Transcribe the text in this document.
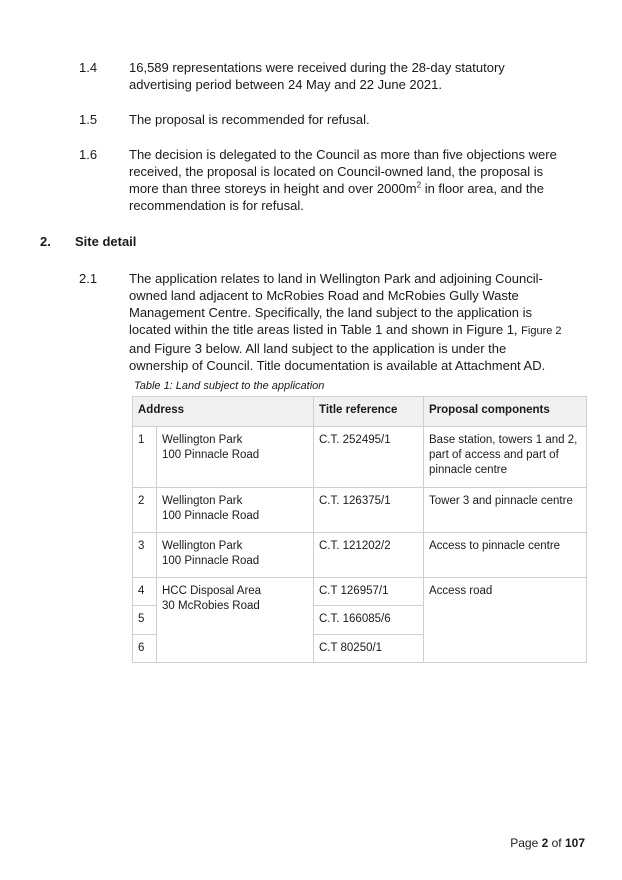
1.4 16,589 representations were received during the 28-day statutory advertising period between 24 May and 22 June 2021.
1.5 The proposal is recommended for refusal.
1.6 The decision is delegated to the Council as more than five objections were received, the proposal is located on Council-owned land, the proposal is more than three storeys in height and over $2000m^2$ in floor area, and the recommendation is for refusal.
2. Site detail
2.1 The application relates to land in Wellington Park and adjoining Council-owned land adjacent to McRobies Road and McRobies Gully Waste Management Centre. Specifically, the land subject to the application is located within the title areas listed in Table 1 and shown in Figure 1, Figure 2 and Figure 3 below. All land subject to the application is under the ownership of Council. Title documentation is available at Attachment AD.
Table 1: Land subject to the application
Address		Title reference	Proposal components
1	Wellington Park
100 Pinnacle Road	C.T. 252495/1	Base station, towers 1 and 2, part of access and part of pinnacle centre
2	Wellington Park
100 Pinnacle Road	C.T. 126375/1	Tower 3 and pinnacle centre
3	Wellington Park
100 Pinnacle Road	C.T. 121202/2	Access to pinnacle centre
4	HCC Disposal Area
30 McRobies Road	C.T 126957/1	Access road
5		C.T. 166085/6	
6		C.T 80250/1	
Page 2 of 107
